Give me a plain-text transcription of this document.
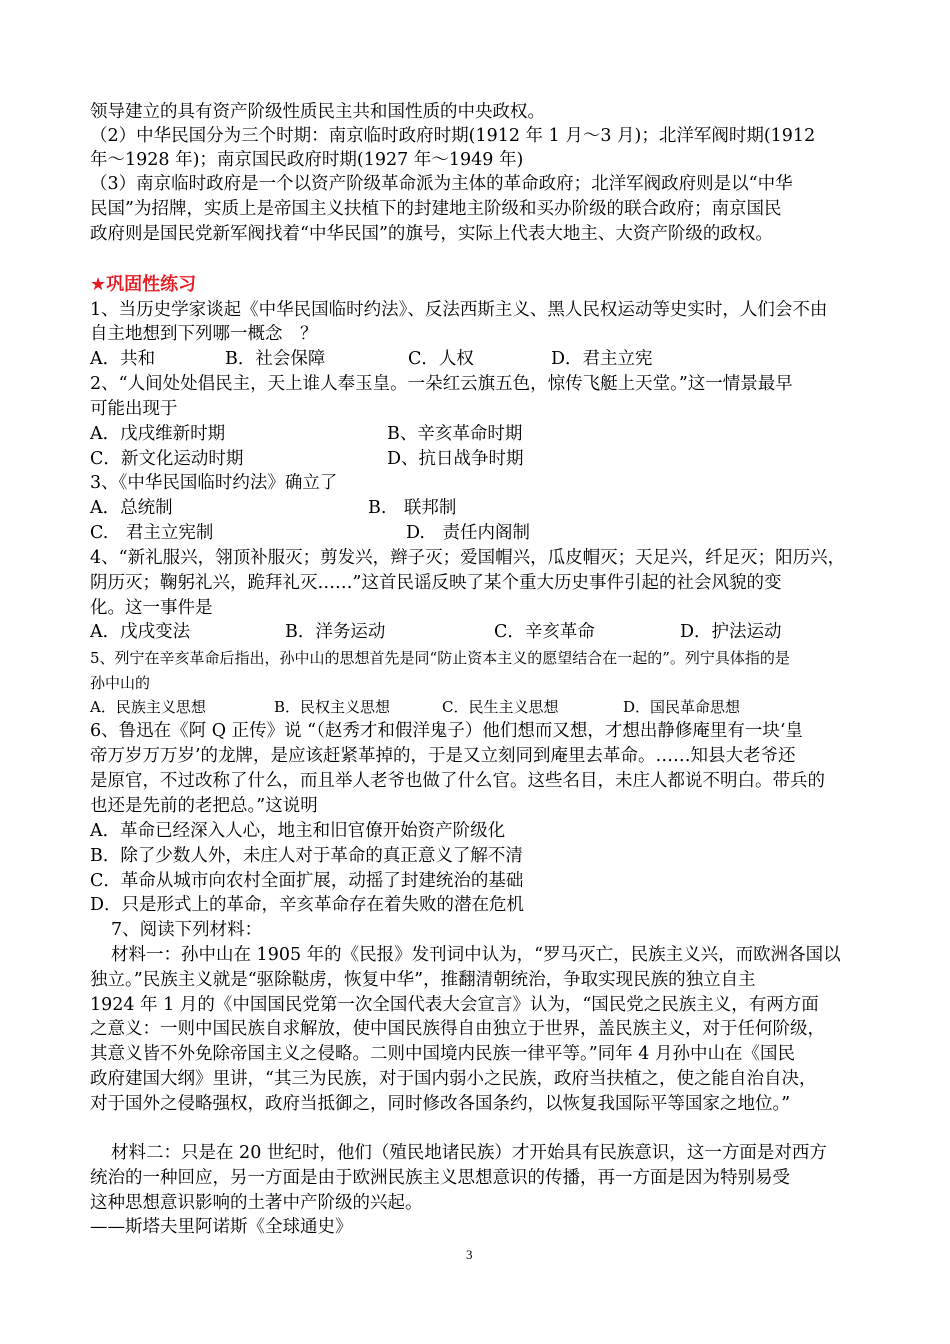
领导建立的具有资产阶级性质民主共和国性质的中央政权。
（2）中华民国分为三个时期：南京临时政府时期(1912 年 1 月～3 月)；北洋军阀时期(1912
年～1928 年)；南京国民政府时期(1927 年～1949 年)
（3）南京临时政府是一个以资产阶级革命派为主体的革命政府；北洋军阀政府则是以“中华
民国”为招牌，实质上是帝国主义扶植下的封建地主阶级和买办阶级的联合政府；南京国民
政府则是国民党新军阀找着“中华民国”的旗号，实际上代表大地主、大资产阶级的政权。
★巩固性练习
1、当历史学家谈起《中华民国临时约法》、反法西斯主义、黑人民权运动等史实时，人们会不由
自主地想到下列哪一概念　？
A．共和	B．社会保障	C．人权	D．君主立宪
2、“人间处处倡民主，天上谁人奉玉皇。一朵红云旗五色，惊传飞艇上天堂。”这一情景最早
可能出现于
A．戊戌维新时期	B、辛亥革命时期
C．新文化运动时期	D、抗日战争时期
3、《中华民国临时约法》确立了
A．总统制	B.　联邦制
C.　君主立宪制	D.　责任内阁制
4、“新礼服兴，翎顶补服灭；剪发兴，辫子灭；爱国帽兴，瓜皮帽灭；天足兴，纤足灭；阳历兴，
阴历灭；鞠躬礼兴，跪拜礼灭……”这首民谣反映了某个重大历史事件引起的社会风貌的变
化。这一事件是
A．戊戌变法	B．洋务运动	C．辛亥革命	D．护法运动
5、列宁在辛亥革命后指出，孙中山的思想首先是同“防止资本主义的愿望结合在一起的”。列宁具体指的是
孙中山的
A．民族主义思想	B．民权主义思想	C．民生主义思想	D．国民革命思想
6、鲁迅在《阿 Q 正传》说 “（赵秀才和假洋鬼子）他们想而又想，才想出静修庵里有一块‘皇
帝万岁万万岁’的龙牌，是应该赶紧革掉的，于是又立刻同到庵里去革命。……知县大老爷还
是原官，不过改称了什么，而且举人老爷也做了什么官。这些名目，未庄人都说不明白。带兵的
也还是先前的老把总。”这说明
A．革命已经深入人心，地主和旧官僚开始资产阶级化
B．除了少数人外，未庄人对于革命的真正意义了解不清
C．革命从城市向农村全面扩展，动摇了封建统治的基础
D．只是形式上的革命，辛亥革命存在着失败的潜在危机
7、阅读下列材料：
材料一：孙中山在 1905 年的《民报》发刊词中认为，“罗马灭亡，民族主义兴，而欧洲各国以
独立。”民族主义就是“驱除鞑虏，恢复中华”，推翻清朝统治，争取实现民族的独立自主
1924 年 1 月的《中国国民党第一次全国代表大会宣言》认为，“国民党之民族主义，有两方面
之意义：一则中国民族自求解放，使中国民族得自由独立于世界，盖民族主义，对于任何阶级，
其意义皆不外免除帝国主义之侵略。二则中国境内民族一律平等。”同年 4 月孙中山在《国民
政府建国大纲》里讲，“其三为民族，对于国内弱小之民族，政府当扶植之，使之能自治自决，
对于国外之侵略强权，政府当抵御之，同时修改各国条约，以恢复我国际平等国家之地位。”
材料二：只是在 20 世纪时，他们（殖民地诸民族）才开始具有民族意识，这一方面是对西方
统治的一种回应，另一方面是由于欧洲民族主义思想意识的传播，再一方面是因为特别易受
这种思想意识影响的土著中产阶级的兴起。
——斯塔夫里阿诺斯《全球通史》
3
